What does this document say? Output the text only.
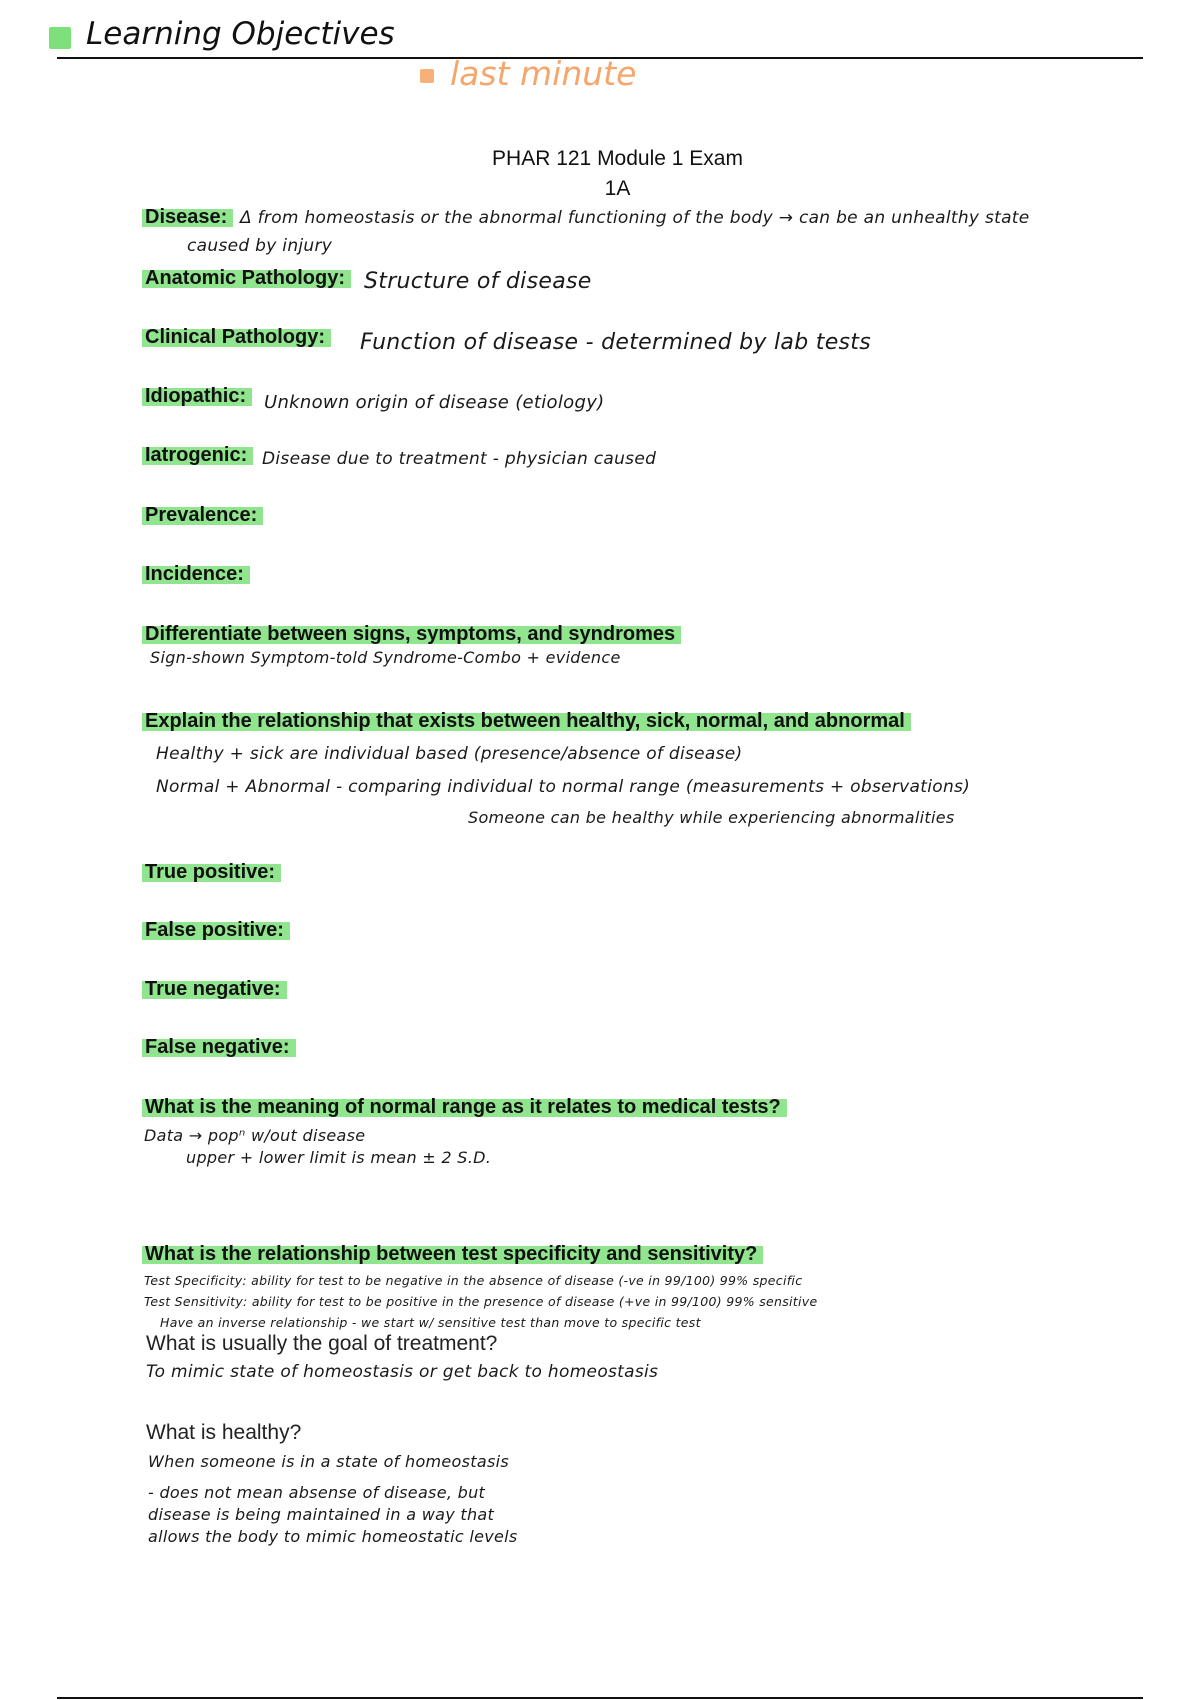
Learning Objectives
last minute
PHAR 121 Module 1 Exam
1A
Disease: Δ from homeostasis or the abnormal functioning of the body → can be an unhealthy state
caused by injury
Anatomic Pathology: Structure of disease
Clinical Pathology: Function of disease - determined by lab tests
Idiopathic: Unknown origin of disease (etiology)
Iatrogenic: Disease due to treatment - physician caused
Prevalence:
Incidence:
Differentiate between signs, symptoms, and syndromes
Sign-shown Symptom-told Syndrome-Combo + evidence
Explain the relationship that exists between healthy, sick, normal, and abnormal
Healthy + sick are individual based (presence/absence of disease)
Normal + Abnormal - comparing individual to normal range (measurements + observations)
Someone can be healthy while experiencing abnormalities
True positive:
False positive:
True negative:
False negative:
What is the meaning of normal range as it relates to medical tests?
Data → popⁿ w/out disease
upper + lower limit is mean ± 2 S.D.
What is the relationship between test specificity and sensitivity?
Test Specificity: ability for test to be negative in the absence of disease (-ve in 99/100) 99% specific
Test Sensitivity: ability for test to be positive in the presence of disease (+ve in 99/100) 99% sensitive
Have an inverse relationship - we start w/ sensitive test than move to specific test
What is usually the goal of treatment?
To mimic state of homeostasis or get back to homeostasis
What is healthy?
When someone is in a state of homeostasis
- does not mean absense of disease, but
disease is being maintained in a way that
allows the body to mimic homeostatic levels
